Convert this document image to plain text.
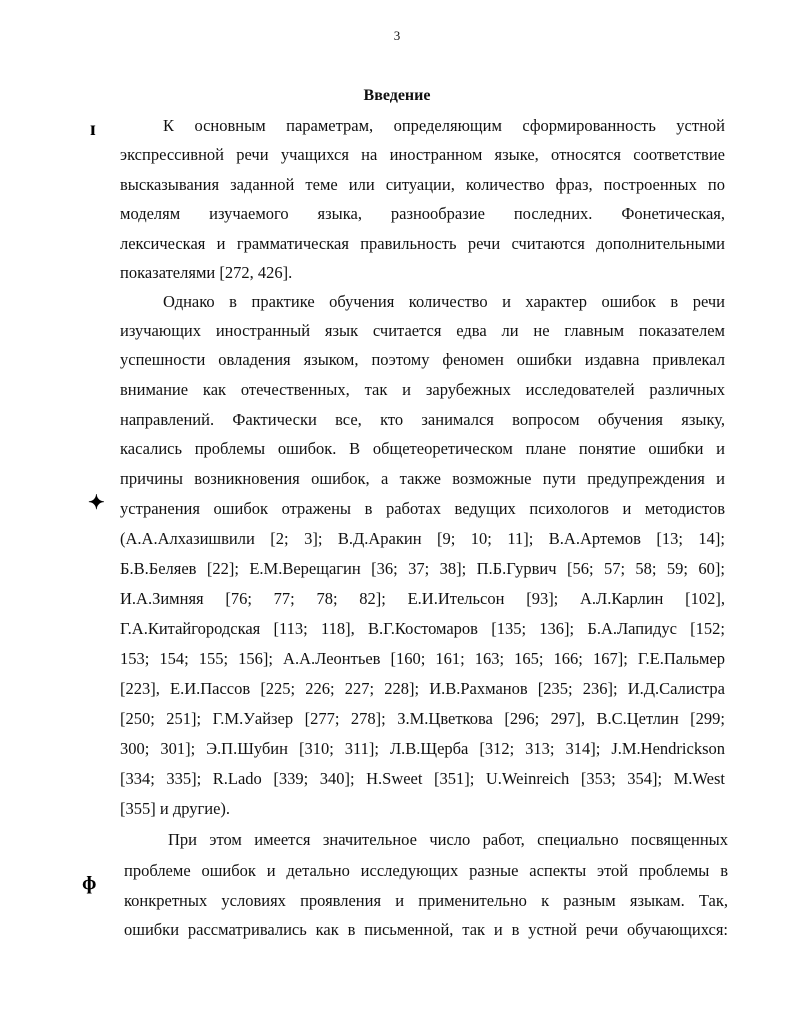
3
Введение
ɪ
✦
ɸ
К основным параметрам, определяющим сформированность устной
экспрессивной речи учащихся на иностранном языке, относятся соответствие
высказывания заданной теме или ситуации, количество фраз, построенных по
моделям изучаемого языка, разнообразие последних. Фонетическая,
лексическая и грамматическая правильность речи считаются дополнительными
показателями [272, 426].
Однако в практике обучения количество и характер ошибок в речи
изучающих иностранный язык считается едва ли не главным показателем
успешности овладения языком, поэтому феномен ошибки издавна привлекал
внимание как отечественных, так и зарубежных исследователей различных
направлений. Фактически все, кто занимался вопросом обучения языку,
касались проблемы ошибок. В общетеоретическом плане понятие ошибки и
причины возникновения ошибок, а также возможные пути предупреждения и
устранения ошибок отражены в работах ведущих психологов и методистов
(А.А.Алхазишвили [2; 3]; В.Д.Аракин [9; 10; 11]; В.А.Артемов [13; 14];
Б.В.Беляев [22]; Е.М.Верещагин [36; 37; 38]; П.Б.Гурвич [56; 57; 58; 59; 60];
И.А.Зимняя [76; 77; 78; 82]; Е.И.Ительсон [93]; А.Л.Карлин [102],
Г.А.Китайгородская [113; 118], В.Г.Костомаров [135; 136]; Б.А.Лапидус [152;
153; 154; 155; 156]; А.А.Леонтьев [160; 161; 163; 165; 166; 167]; Г.Е.Пальмер
[223], Е.И.Пассов [225; 226; 227; 228]; И.В.Рахманов [235; 236]; И.Д.Салистра
[250; 251]; Г.М.Уайзер [277; 278]; З.М.Цветкова [296; 297], В.С.Цетлин [299;
300; 301]; Э.П.Шубин [310; 311]; Л.В.Щерба [312; 313; 314]; J.M.Hendrickson
[334; 335]; R.Lado [339; 340]; H.Sweet [351]; U.Weinreich [353; 354]; M.West
[355] и другие).
При этом имеется значительное число работ, специально посвященных
проблеме ошибок и детально исследующих разные аспекты этой проблемы в
конкретных условиях проявления и применительно к разным языкам. Так,
ошибки рассматривались как в письменной, так и в устной речи обучающихся:
